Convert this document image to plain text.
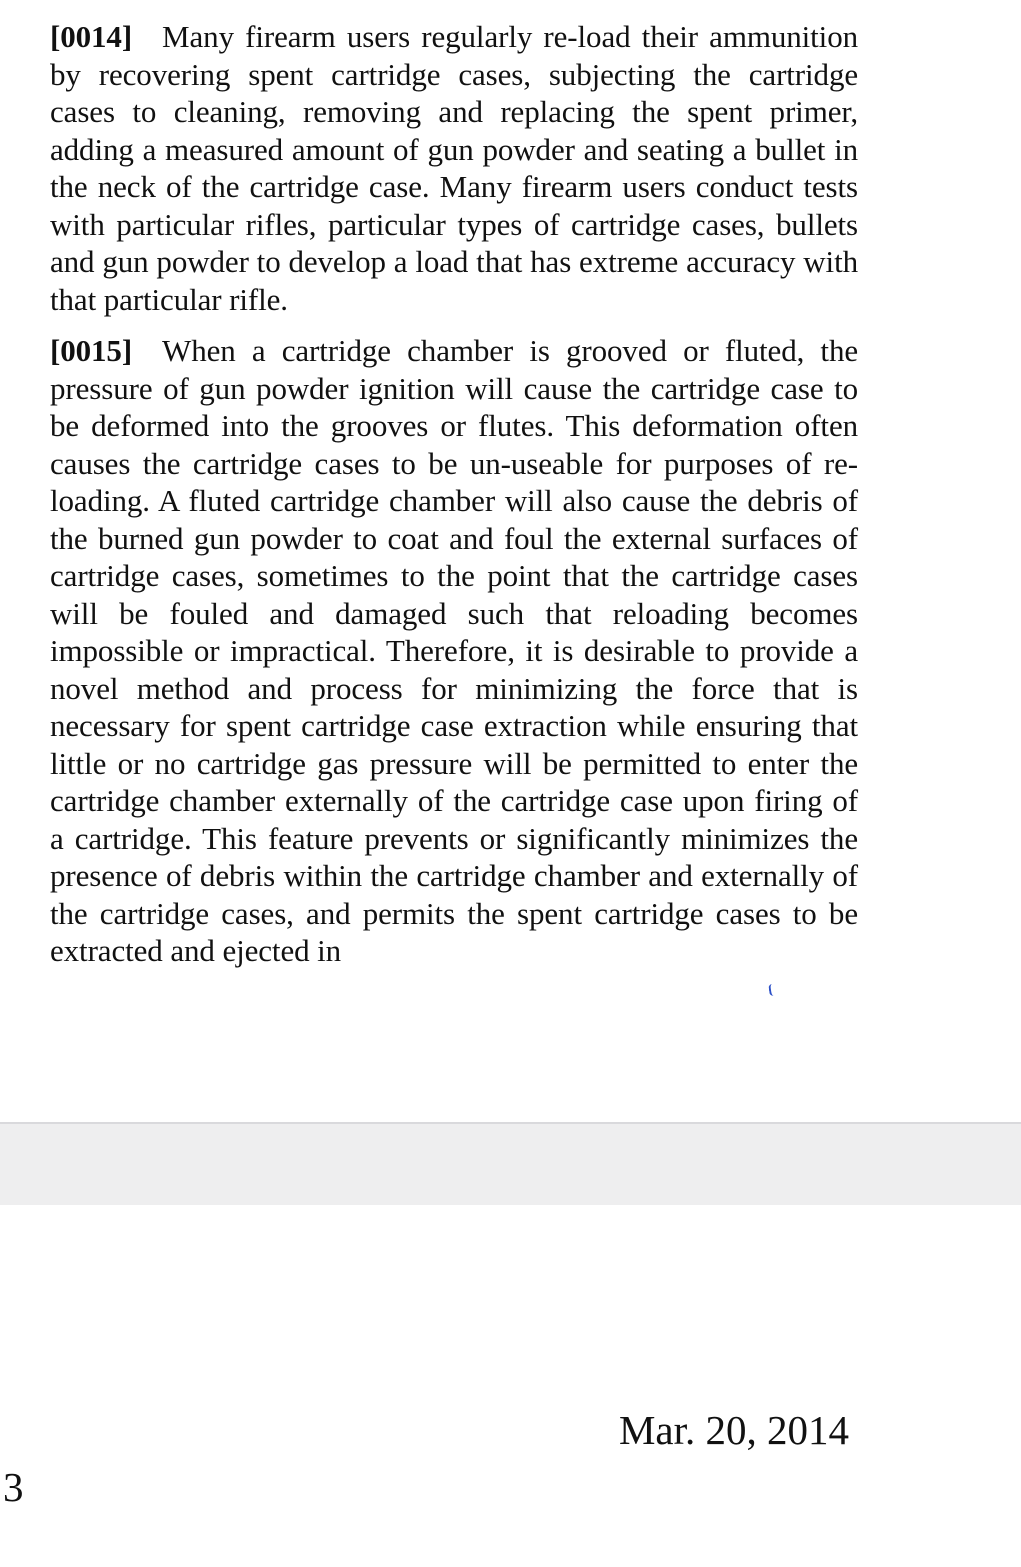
[0014] Many firearm users regularly re-load their ammunition by recovering spent cartridge cases, subjecting the cartridge cases to cleaning, removing and replacing the spent primer, adding a measured amount of gun powder and seating a bullet in the neck of the cartridge case. Many firearm users conduct tests with particular rifles, particular types of cartridge cases, bullets and gun powder to develop a load that has extreme accuracy with that particular rifle.

[0015] When a cartridge chamber is grooved or fluted, the pressure of gun powder ignition will cause the cartridge case to be deformed into the grooves or flutes. This deformation often causes the cartridge cases to be un-useable for purposes of re-loading. A fluted cartridge chamber will also cause the debris of the burned gun powder to coat and foul the external surfaces of cartridge cases, sometimes to the point that the cartridge cases will be fouled and damaged such that reloading becomes impossible or impractical. Therefore, it is desirable to provide a novel method and process for minimizing the force that is necessary for spent cartridge case extraction while ensuring that little or no cartridge gas pressure will be permitted to enter the cartridge chamber externally of the cartridge case upon firing of a cartridge. This feature prevents or significantly minimizes the presence of debris within the cartridge chamber and externally of the cartridge cases, and permits the spent cartridge cases to be extracted and ejected in

Mar. 20, 2014
3
